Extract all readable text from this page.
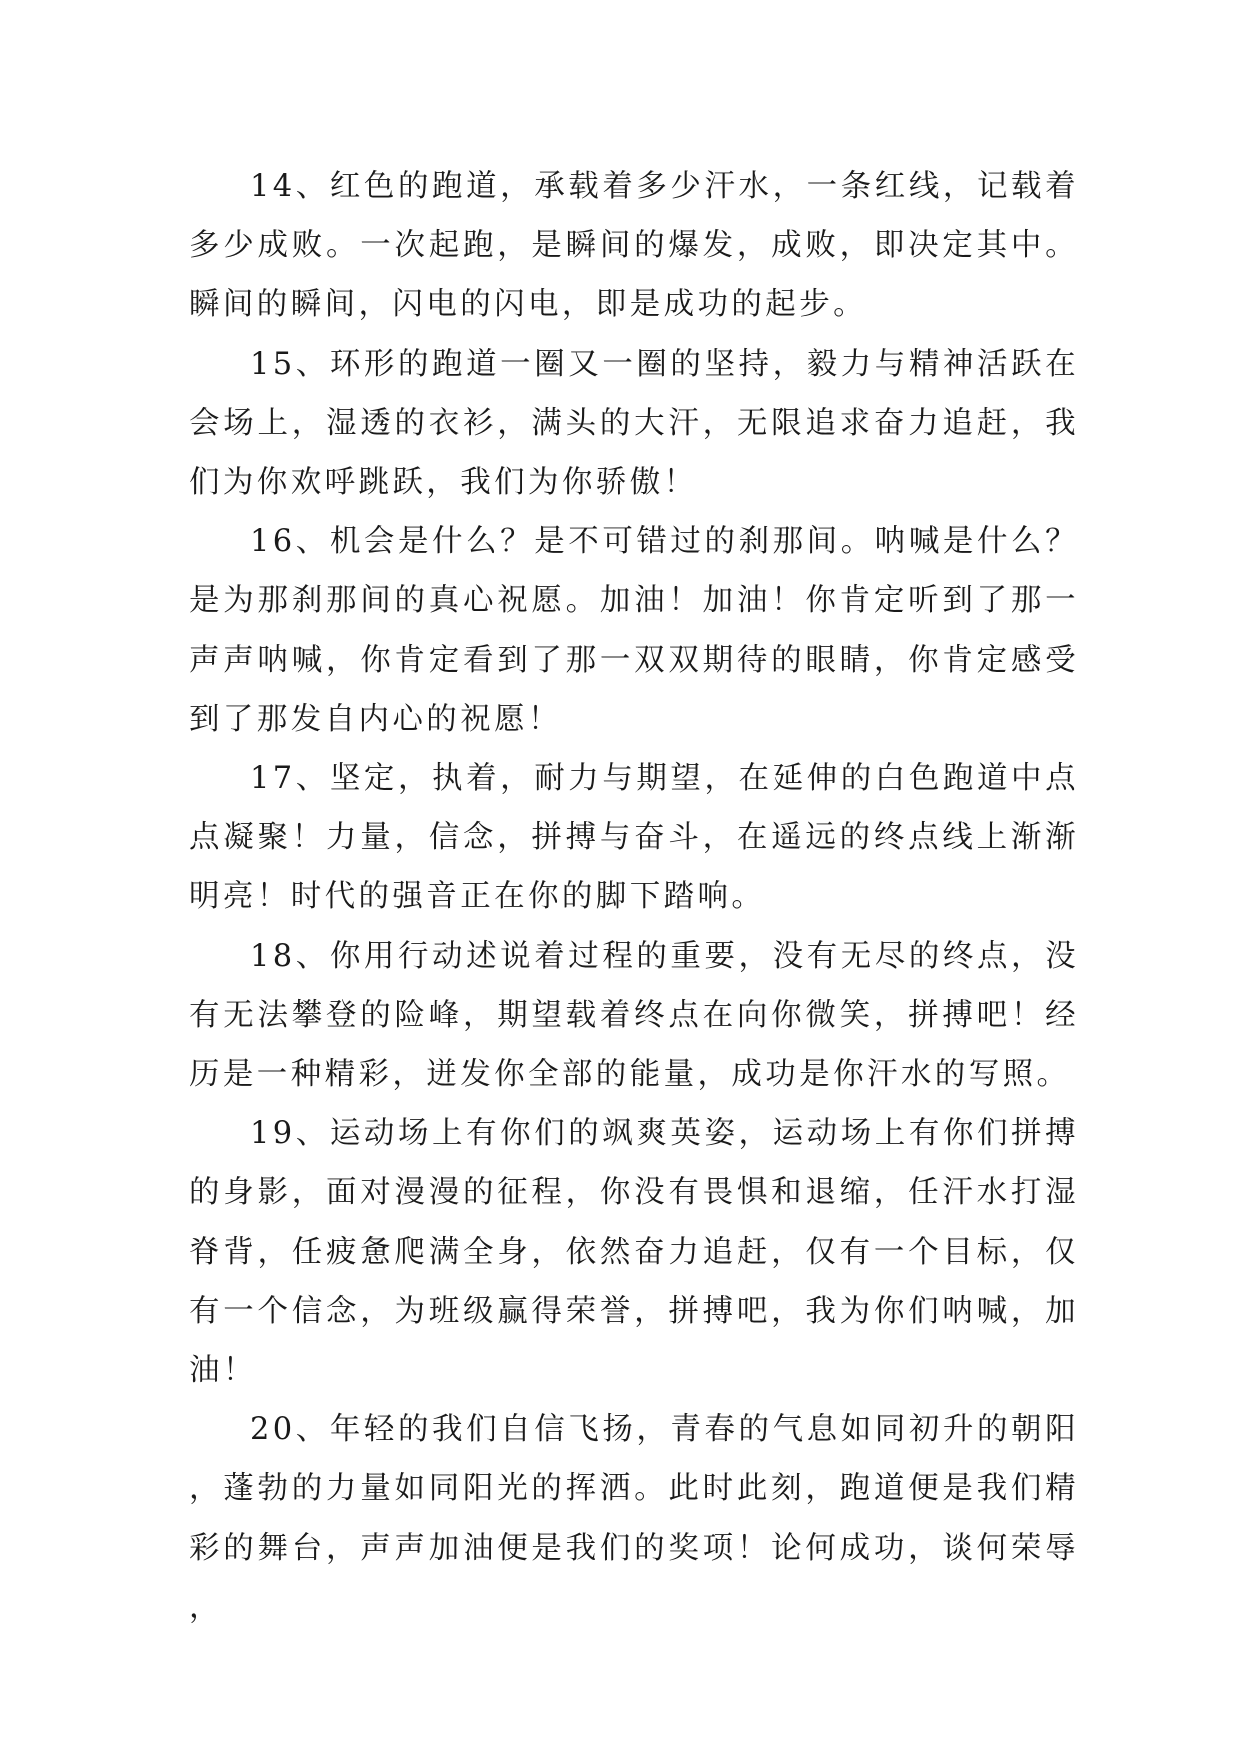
14、红色的跑道，承载着多少汗水，一条红线，记载着多少成败。一次起跑，是瞬间的爆发，成败，即决定其中。瞬间的瞬间，闪电的闪电，即是成功的起步。

15、环形的跑道一圈又一圈的坚持，毅力与精神活跃在会场上，湿透的衣衫，满头的大汗，无限追求奋力追赶，我们为你欢呼跳跃，我们为你骄傲！

16、机会是什么？是不可错过的刹那间。呐喊是什么？是为那刹那间的真心祝愿。加油！加油！你肯定听到了那一声声呐喊，你肯定看到了那一双双期待的眼睛，你肯定感受到了那发自内心的祝愿！

17、坚定，执着，耐力与期望，在延伸的白色跑道中点点凝聚！力量，信念，拼搏与奋斗，在遥远的终点线上渐渐明亮！时代的强音正在你的脚下踏响。

18、你用行动述说着过程的重要，没有无尽的终点，没有无法攀登的险峰，期望载着终点在向你微笑，拼搏吧！经历是一种精彩，迸发你全部的能量，成功是你汗水的写照。

19、运动场上有你们的飒爽英姿，运动场上有你们拼搏的身影，面对漫漫的征程，你没有畏惧和退缩，任汗水打湿脊背，任疲惫爬满全身，依然奋力追赶，仅有一个目标，仅有一个信念，为班级赢得荣誉，拼搏吧，我为你们呐喊，加油！

20、年轻的我们自信飞扬，青春的气息如同初升的朝阳，蓬勃的力量如同阳光的挥洒。此时此刻，跑道便是我们精彩的舞台，声声加油便是我们的奖项！论何成功，谈何荣辱，
